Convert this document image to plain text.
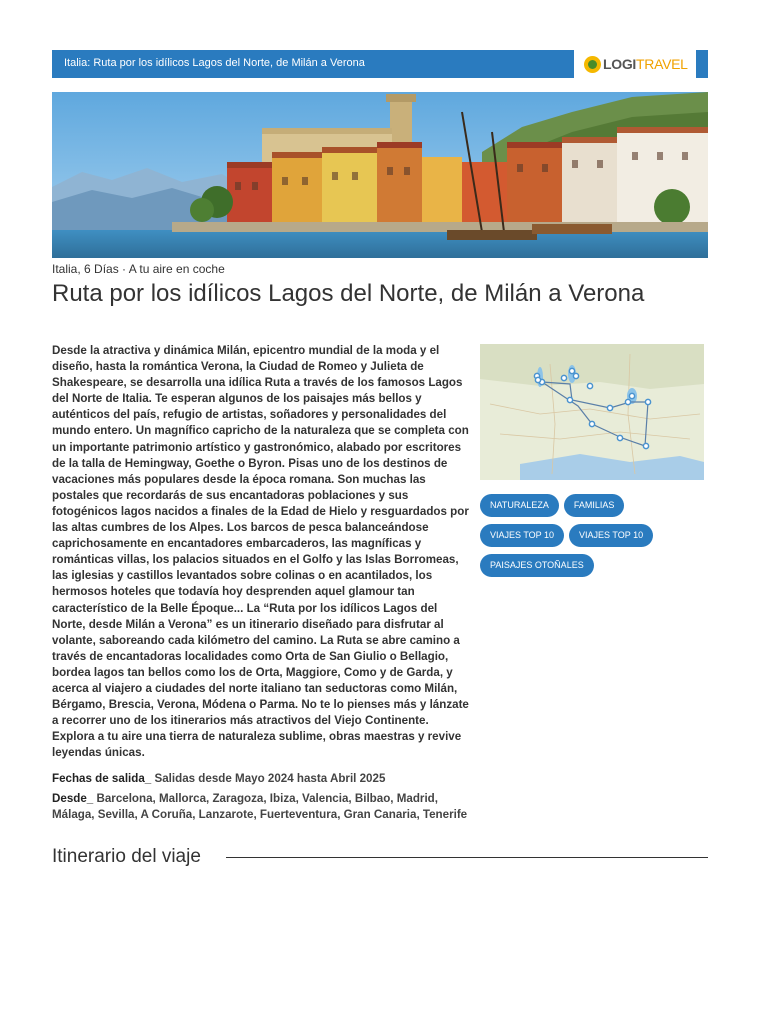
Italia: Ruta por los idílicos Lagos del Norte, de Milán a Verona	LOGITRAVEL
Italia, 6 Días · A tu aire en coche
Ruta por los idílicos Lagos del Norte, de Milán a Verona

Desde la atractiva y dinámica Milán, epicentro mundial de la moda y el diseño, hasta la romántica Verona, la Ciudad de Romeo y Julieta de Shakespeare, se desarrolla una idílica Ruta a través de los famosos Lagos del Norte de Italia. Te esperan algunos de los paisajes más bellos y auténticos del país, refugio de artistas, soñadores y personalidades del mundo entero. Un magnífico capricho de la naturaleza que se completa con un importante patrimonio artístico y gastronómico, alabado por escritores de la talla de Hemingway, Goethe o Byron. Pisas uno de los destinos de vacaciones más populares desde la época romana. Son muchas las postales que recordarás de sus encantadoras poblaciones y sus fotogénicos lagos nacidos a finales de la Edad de Hielo y resguardados por las altas cumbres de los Alpes. Los barcos de pesca balanceándose caprichosamente en encantadores embarcaderos, las magníficas y románticas villas, los palacios situados en el Golfo y las Islas Borromeas, las iglesias y castillos levantados sobre colinas o en acantilados, los hermosos hoteles que todavía hoy desprenden aquel glamour tan característico de la Belle Époque... La “Ruta por los idílicos Lagos del Norte, desde Milán a Verona” es un itinerario diseñado para disfrutar al volante, saboreando cada kilómetro del camino. La Ruta se abre camino a través de encantadoras localidades como Orta de San Giulio o Bellagio, bordea lagos tan bellos como los de Orta, Maggiore, Como y de Garda, y acerca al viajero a ciudades del norte italiano tan seductoras como Milán, Bérgamo, Brescia, Verona, Módena o Parma. No te lo pienses más y lánzate a recorrer uno de los itinerarios más atractivos del Viejo Continente. Explora a tu aire una tierra de naturaleza sublime, obras maestras y revive leyendas únicas.

Fechas de salida_ Salidas desde Mayo 2024 hasta Abril 2025
Desde_ Barcelona, Mallorca, Zaragoza, Ibiza, Valencia, Bilbao, Madrid, Málaga, Sevilla, A Coruña, Lanzarote, Fuerteventura, Gran Canaria, Tenerife
NATURALEZA	FAMILIAS
VIAJES TOP 10	VIAJES TOP 10
PAISAJES OTOÑALES
Itinerario del viaje
